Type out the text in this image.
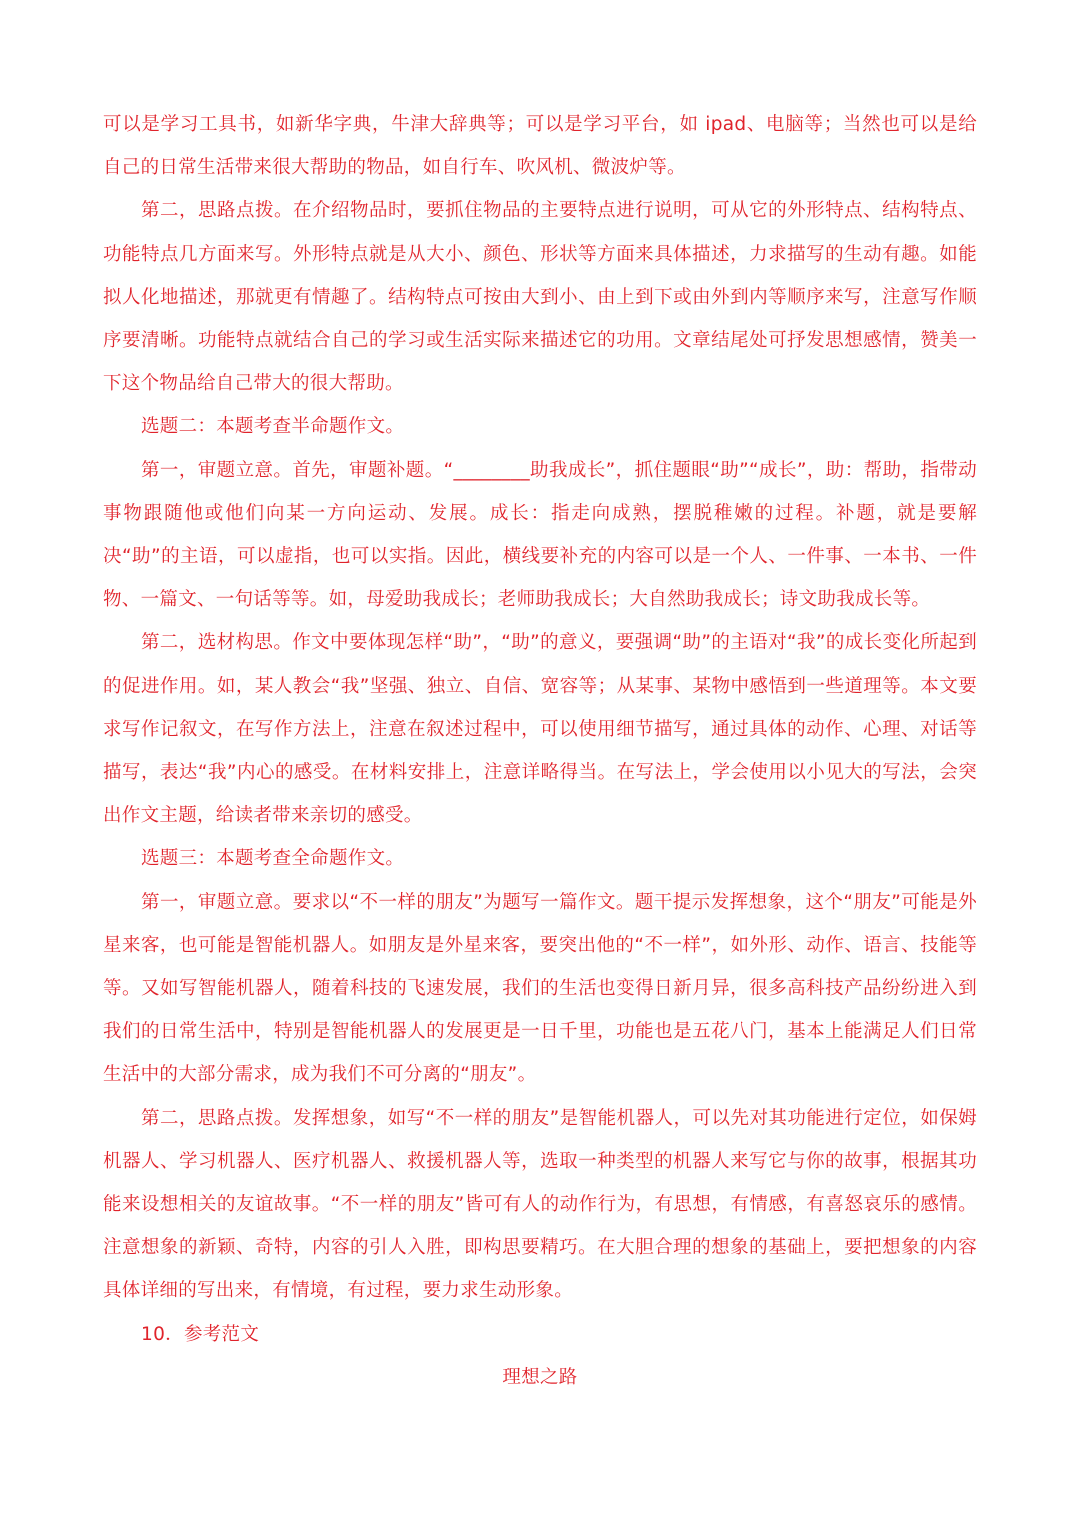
可以是学习工具书，如新华字典，牛津大辞典等；可以是学习平台，如 ipad、电脑等；当然也可以是给自己的日常生活带来很大帮助的物品，如自行车、吹风机、微波炉等。

第二，思路点拨。在介绍物品时，要抓住物品的主要特点进行说明，可从它的外形特点、结构特点、功能特点几方面来写。外形特点就是从大小、颜色、形状等方面来具体描述，力求描写的生动有趣。如能拟人化地描述，那就更有情趣了。结构特点可按由大到小、由上到下或由外到内等顺序来写，注意写作顺序要清晰。功能特点就结合自己的学习或生活实际来描述它的功用。文章结尾处可抒发思想感情，赞美一下这个物品给自己带大的很大帮助。

选题二：本题考查半命题作文。

第一，审题立意。首先，审题补题。“________助我成长”，抓住题眼“助”“成长”，助：帮助，指带动事物跟随他或他们向某一方向运动、发展。成长：指走向成熟，摆脱稚嫩的过程。补题，就是要解决“助”的主语，可以虚指，也可以实指。因此，横线要补充的内容可以是一个人、一件事、一本书、一件物、一篇文、一句话等等。如，母爱助我成长；老师助我成长；大自然助我成长；诗文助我成长等。

第二，选材构思。作文中要体现怎样“助”，“助”的意义，要强调“助”的主语对“我”的成长变化所起到的促进作用。如，某人教会“我”坚强、独立、自信、宽容等；从某事、某物中感悟到一些道理等。本文要求写作记叙文，在写作方法上，注意在叙述过程中，可以使用细节描写，通过具体的动作、心理、对话等描写，表达“我”内心的感受。在材料安排上，注意详略得当。在写法上，学会使用以小见大的写法，会突出作文主题，给读者带来亲切的感受。

选题三：本题考查全命题作文。

第一，审题立意。要求以“不一样的朋友”为题写一篇作文。题干提示发挥想象，这个“朋友”可能是外星来客，也可能是智能机器人。如朋友是外星来客，要突出他的“不一样”，如外形、动作、语言、技能等等。又如写智能机器人，随着科技的飞速发展，我们的生活也变得日新月异，很多高科技产品纷纷进入到我们的日常生活中，特别是智能机器人的发展更是一日千里，功能也是五花八门，基本上能满足人们日常生活中的大部分需求，成为我们不可分离的“朋友”。

第二，思路点拨。发挥想象，如写“不一样的朋友”是智能机器人，可以先对其功能进行定位，如保姆机器人、学习机器人、医疗机器人、救援机器人等，选取一种类型的机器人来写它与你的故事，根据其功能来设想相关的友谊故事。“不一样的朋友”皆可有人的动作行为，有思想，有情感，有喜怒哀乐的感情。注意想象的新颖、奇特，内容的引人入胜，即构思要精巧。在大胆合理的想象的基础上，要把想象的内容具体详细的写出来，有情境，有过程，要力求生动形象。

10．参考范文

理想之路
